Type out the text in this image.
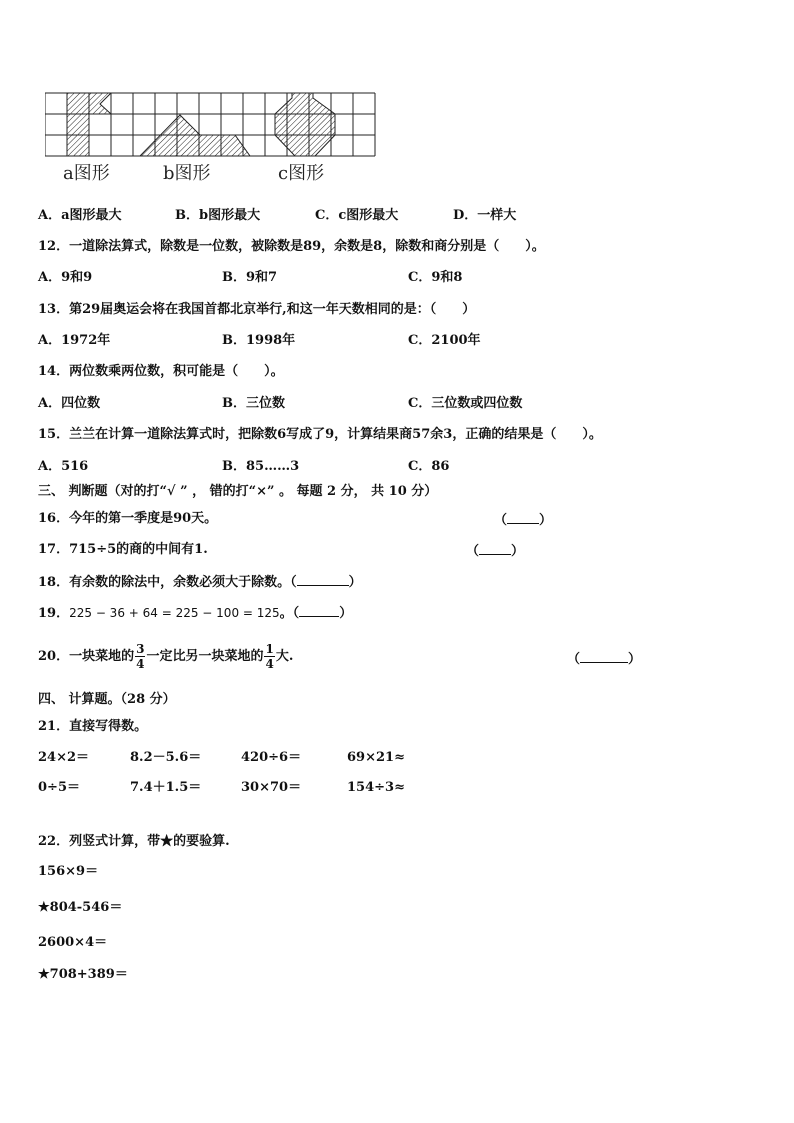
a图形	b图形	c图形
A．a图形最大	B．b图形最大	C．c图形最大	D．一样大
12．一道除法算式，除数是一位数，被除数是89，余数是8，除数和商分别是（　　）。
A．9和9	B．9和7	C．9和8
13．第29届奥运会将在我国首都北京举行,和这一年天数相同的是：（　　）
A．1972年	B．1998年	C．2100年
14．两位数乘两位数，积可能是（　　）。
A．四位数	B．三位数	C．三位数或四位数
15．兰兰在计算一道除法算式时，把除数6写成了9，计算结果商57余3，正确的结果是（　　）。
A．516	B．85……3	C．86
三、 判断题（对的打“√ ” ， 错的打“×” 。 每题 2 分， 共 10 分）
16．今年的第一季度是90天。	（ ）
17．715÷5的商的中间有1.	（ ）
18．有余数的除法中，余数必须大于除数。（	）
19．225 − 36 + 64 = 225 − 100 = 125。（	）
20．一块菜地的 $\frac{3}{4}$ 一定比另一块菜地的 $\frac{1}{4}$ 大.	（	）
四、 计算题。（28 分）
21．直接写得数。
24×2＝	8.2－5.6＝	420÷6＝	69×21≈
0÷5＝	7.4＋1.5＝	30×70＝	154÷3≈
22．列竖式计算，带★的要验算.
156×9＝
★804-546＝
2600×4＝
★708+389＝
